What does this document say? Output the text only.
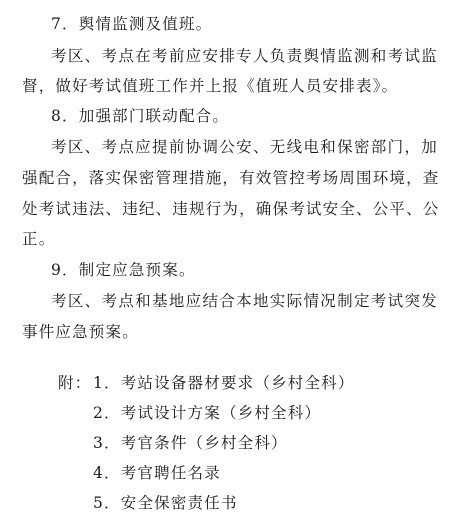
7．舆情监测及值班。
考区、考点在考前应安排专人负责舆情监测和考试监
督，做好考试值班工作并上报《值班人员安排表》。
8．加强部门联动配合。
考区、考点应提前协调公安、无线电和保密部门，加
强配合，落实保密管理措施，有效管控考场周围环境，查
处考试违法、违纪、违规行为，确保考试安全、公平、公
正。
9．制定应急预案。
考区、考点和基地应结合本地实际情况制定考试突发
事件应急预案。
附： 1．考站设备器材要求（乡村全科）
2．考试设计方案（乡村全科）
3．考官条件（乡村全科）
4．考官聘任名录
5．安全保密责任书
